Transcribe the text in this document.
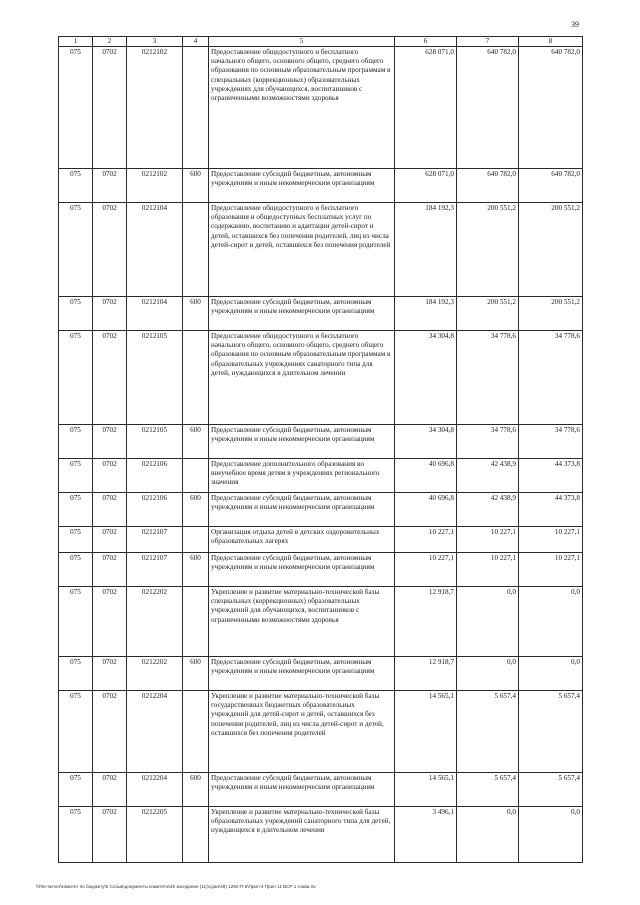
39
1	2	3	4	5	6	7	8
075	0702	0212102		Предоставление общедоступного и бесплатного начального общего, основного общего, среднего общего образования по основным образовательным программам в специальных (коррекционных) образовательных учреждениях для обучающихся, воспитанников с ограниченными возможностями здоровья	628 071,0	640 782,0	640 782,0
075	0702	0212102	600	Предоставление субсидий бюджетным, автономным учреждениям и иным некоммерческим организациям	628 071,0	640 782,0	640 782,0
075	0702	0212104		Предоставление общедоступного и бесплатного образования и общедоступных бесплатных услуг по содержанию, воспитанию и адаптации детей-сирот и детей, оставшихся без попечения родителей, лиц из числа детей-сирот и детей, оставшихся без попечения родителей	184 192,3	200 551,2	200 551,2
075	0702	0212104	600	Предоставление субсидий бюджетным, автономным учреждениям и иным некоммерческим организациям	184 192,3	200 551,2	200 551,2
075	0702	0212105		Предоставление общедоступного и бесплатного начального общего, основного общего, среднего общего образования по основным образовательным программам в образовательных учреждениях санаторного типа для детей, нуждающихся в длительном лечении	34 304,8	34 778,6	34 778,6
075	0702	0212105	600	Предоставление субсидий бюджетным, автономным учреждениям и иным некоммерческим организациям	34 304,8	34 778,6	34 778,6
075	0702	0212106		Предоставление дополнительного образования во внеучебное время детям в учреждениях регионального значения	40 696,8	42 438,9	44 373,8
075	0702	0212106	600	Предоставление субсидий бюджетным, автономным учреждениям и иным некоммерческим организациям	40 696,8	42 438,9	44 373,8
075	0702	0212107		Организация отдыха детей в детских оздоровительных образовательных лагерях	10 227,1	10 227,1	10 227,1
075	0702	0212107	600	Предоставление субсидий бюджетным, автономным учреждениям и иным некоммерческим организациям	10 227,1	10 227,1	10 227,1
075	0702	0212202		Укрепление и развитие материально-технической базы специальных (коррекционных) образовательных учреждений для обучающихся, воспитанников с ограниченными возможностями здоровья	12 918,7	0,0	0,0
075	0702	0212202	600	Предоставление субсидий бюджетным, автономным учреждениям и иным некоммерческим организациям	12 918,7	0,0	0,0
075	0702	0212204		Укрепление и развитие материально-технической базы государственных бюджетных образовательных учреждений для детей-сирот и детей, оставшихся без попечения родителей, лиц из числа детей-сирот и детей, оставшихся без попечения родителей	14 565,1	5 657,4	5 657,4
075	0702	0212204	600	Предоставление субсидий бюджетным, автономным учреждениям и иным некоммерческим организациям	14 565,1	5 657,4	5 657,4
075	0702	0212205		Укрепление и развитие материально-технической базы образовательных учреждений санаторного типа для детей, нуждающихся в длительном лечении	3 496,1	0,0	0,0
\\File-server\комитет по бюджету\5 Созыв\документы комитета\49 заседание (11)\сдан\49) 1292-П-5\Прил 4 Прил 11 ВСР 1 глава.rtx
